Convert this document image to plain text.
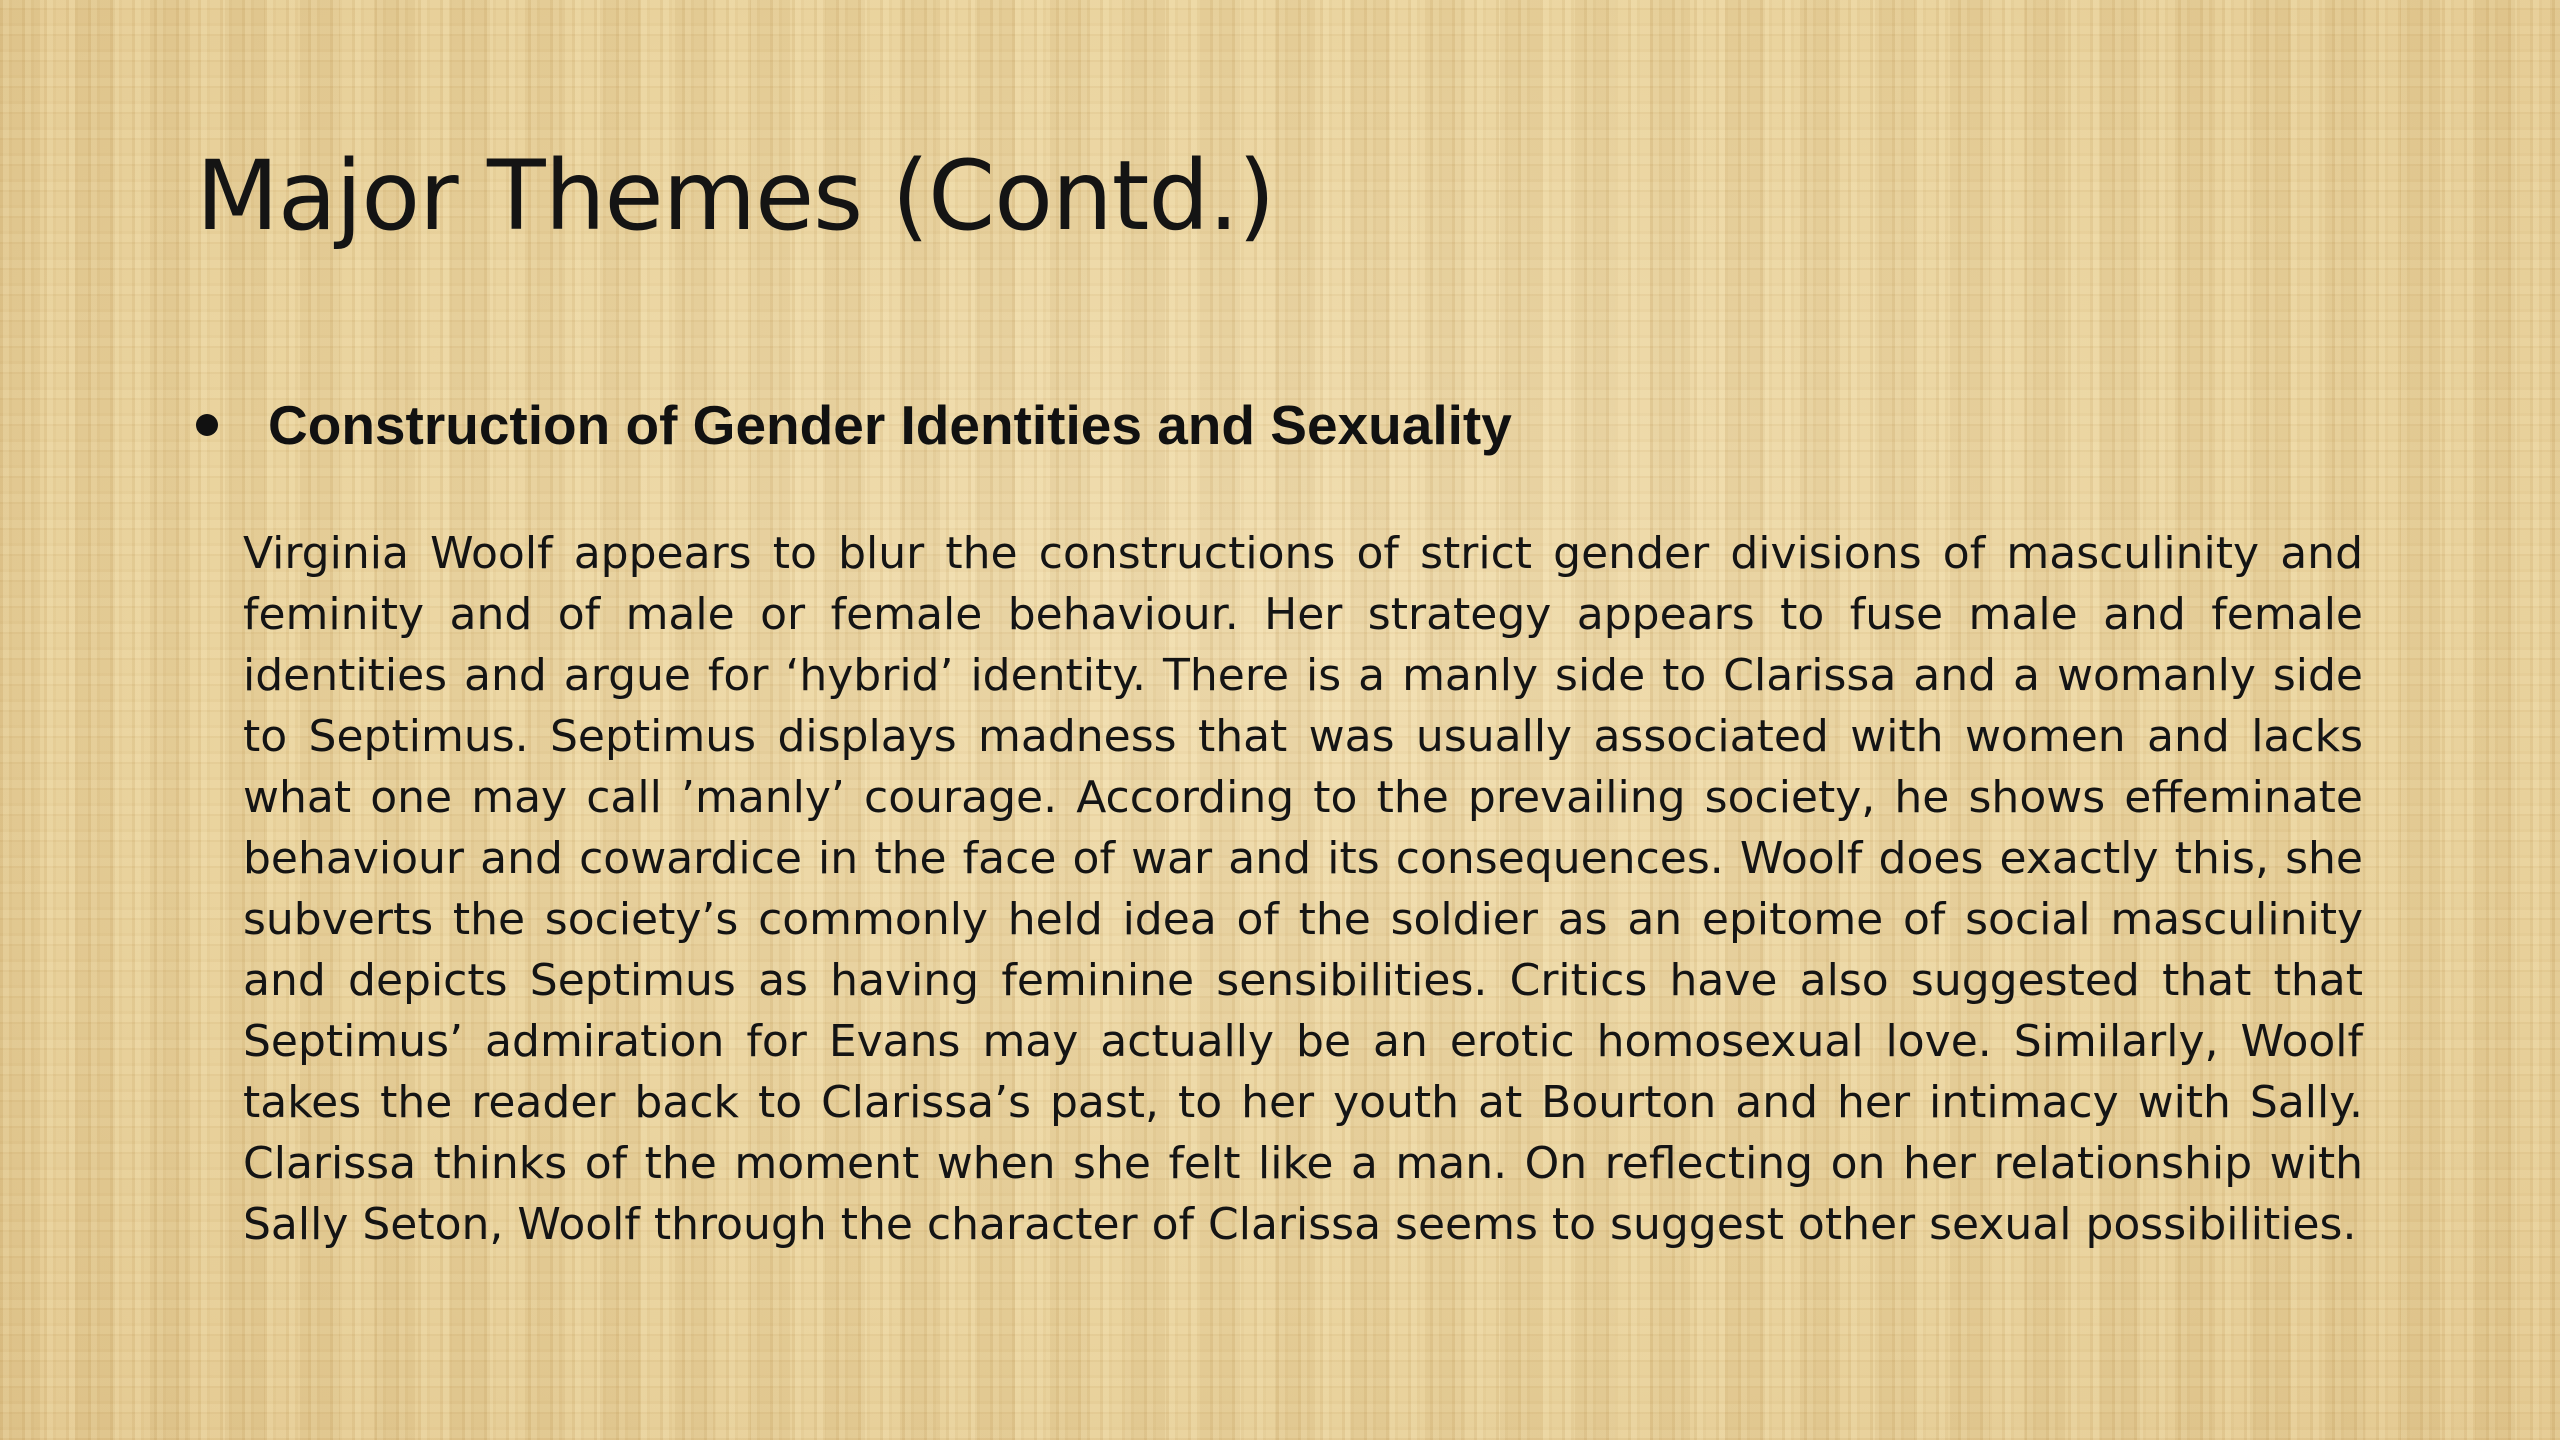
Major Themes (Contd.)
Construction of Gender Identities and Sexuality

Virginia Woolf appears to blur the constructions of strict gender divisions of masculinity and feminity and of male or female behaviour. Her strategy appears to fuse male and female identities and argue for ‘hybrid’ identity. There is a manly side to Clarissa and a womanly side to Septimus. Septimus displays madness that was usually associated with women and lacks what one may call ’manly’ courage. According to the prevailing society, he shows effeminate behaviour and cowardice in the face of war and its consequences. Woolf does exactly this, she subverts the society’s commonly held idea of the soldier as an epitome of social masculinity and depicts Septimus as having feminine sensibilities. Critics have also suggested that that Septimus’ admiration for Evans may actually be an erotic homosexual love. Similarly, Woolf takes the reader back to Clarissa’s past, to her youth at Bourton and her intimacy with Sally. Clarissa thinks of the moment when she felt like a man. On reflecting on her relationship with Sally Seton, Woolf through the character of Clarissa seems to suggest other sexual possibilities.
